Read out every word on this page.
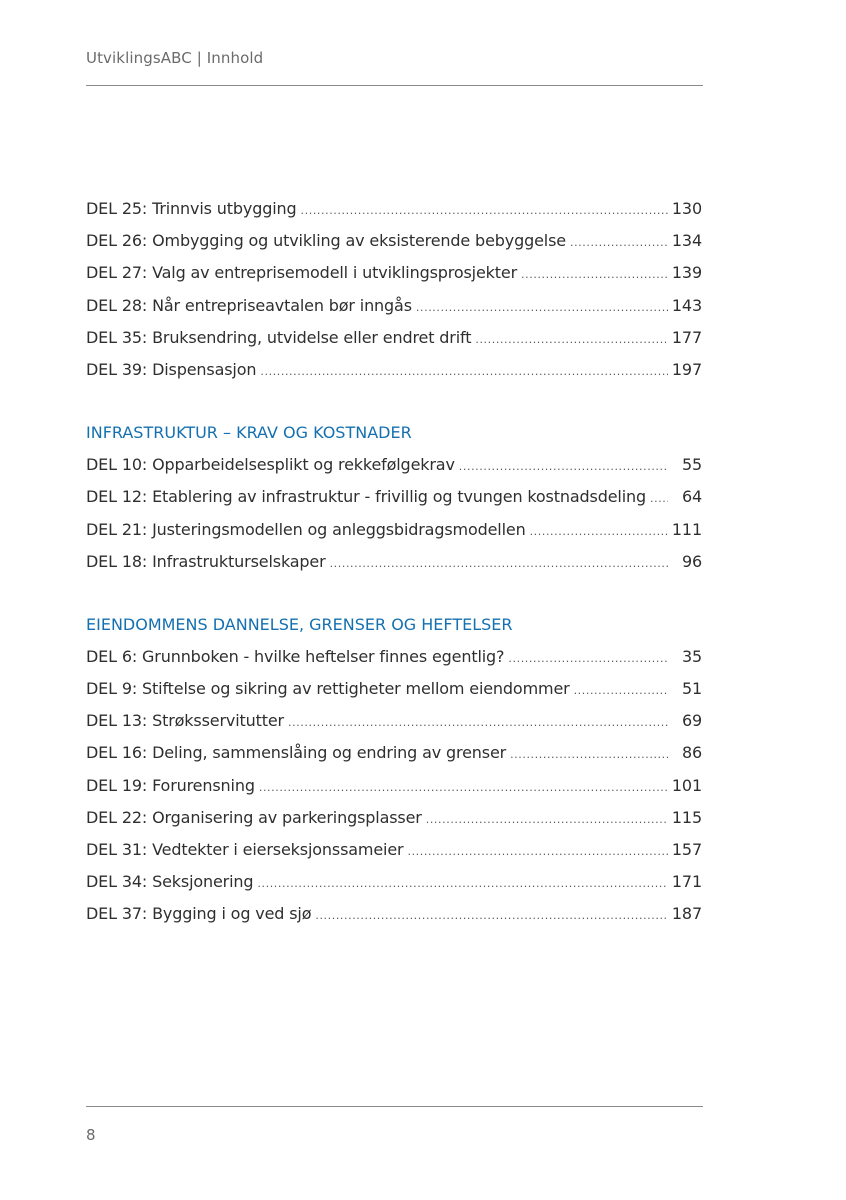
UtviklingsABC | Innhold
DEL 25: Trinnvis utbygging .....	130
DEL 26: Ombygging og utvikling av eksisterende bebyggelse .....	134
DEL 27: Valg av entreprisemodell i utviklingsprosjekter .....	139
DEL 28: Når entrepriseavtalen bør inngås .....	143
DEL 35: Bruksendring, utvidelse eller endret drift .....	177
DEL 39: Dispensasjon .....	197
INFRASTRUKTUR – KRAV OG KOSTNADER
DEL 10: Opparbeidelsesplikt og rekkefølgekrav .....	55
DEL 12: Etablering av infrastruktur - frivillig og tvungen kostnadsdeling .....	64
DEL 21: Justeringsmodellen og anleggsbidragsmodellen .....	111
DEL 18: Infrastrukturselskaper .....	96
EIENDOMMENS DANNELSE, GRENSER OG HEFTELSER
DEL 6: Grunnboken - hvilke heftelser finnes egentlig? .....	35
DEL 9: Stiftelse og sikring av rettigheter mellom eiendommer .....	51
DEL 13: Strøksservitutter .....	69
DEL 16: Deling, sammenslåing og endring av grenser .....	86
DEL 19: Forurensning .....	101
DEL 22: Organisering av parkeringsplasser .....	115
DEL 31: Vedtekter i eierseksjonssameier .....	157
DEL 34: Seksjonering .....	171
DEL 37: Bygging i og ved sjø .....	187
8
